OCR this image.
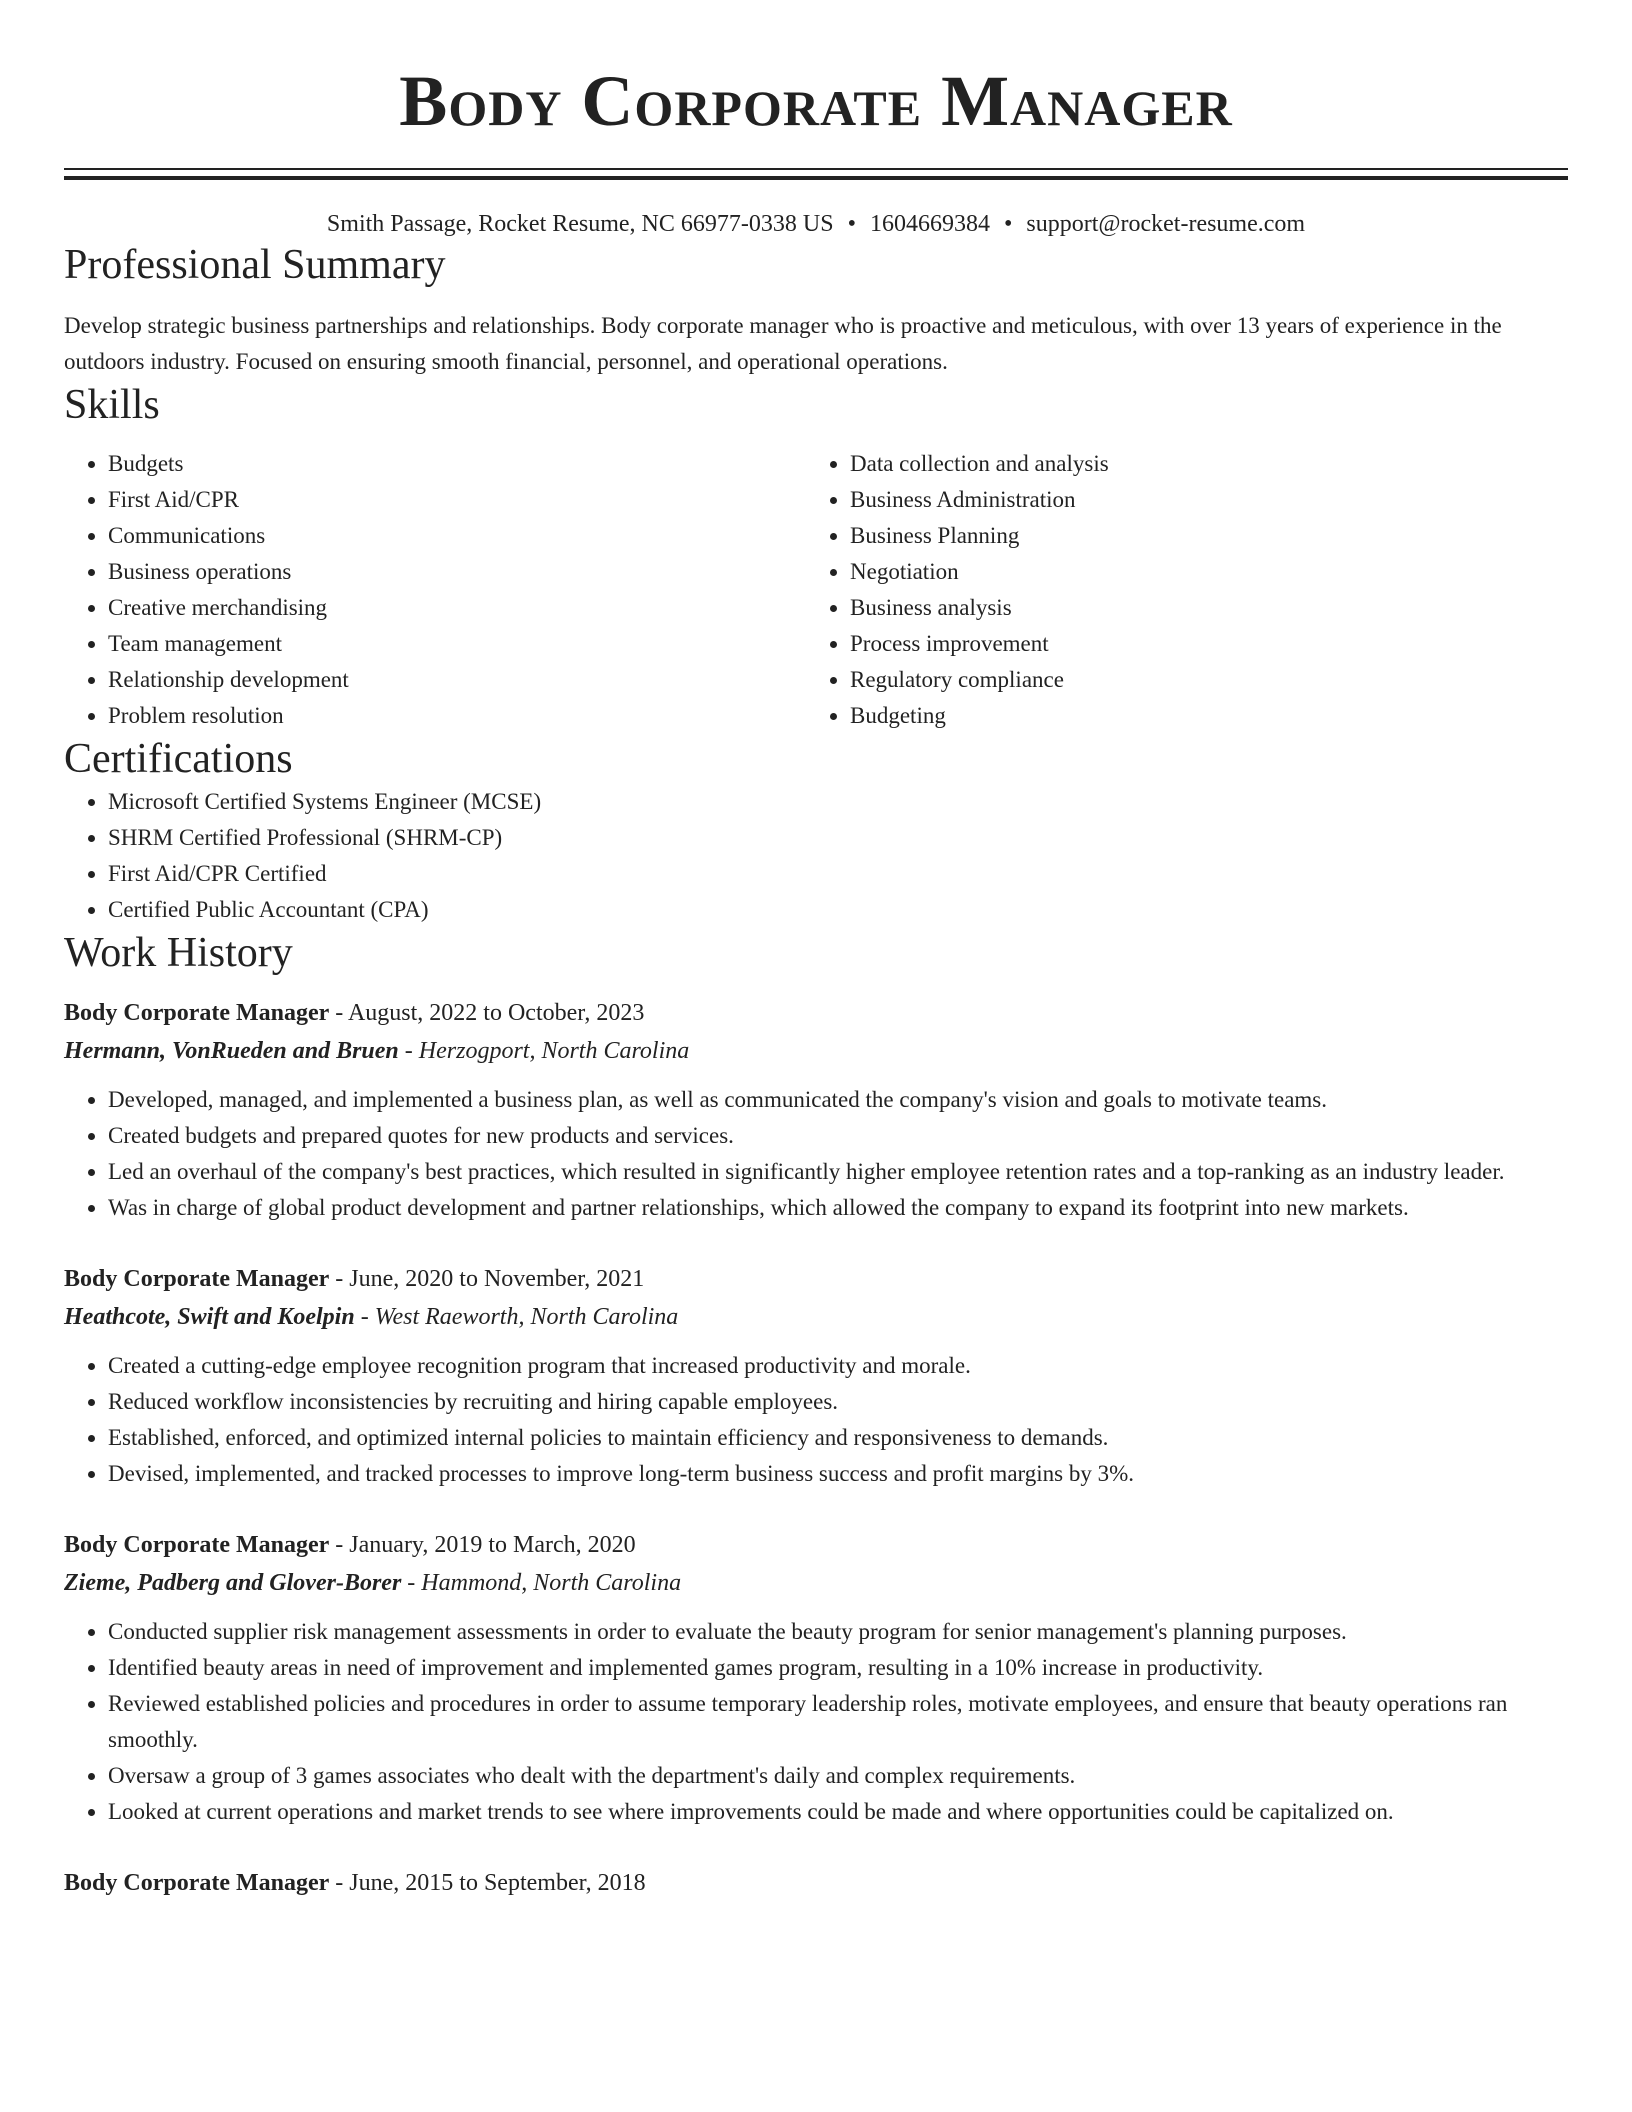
Body Corporate Manager
Smith Passage, Rocket Resume, NC 66977-0338 US • 1604669384 • support@rocket-resume.com
Professional Summary

Develop strategic business partnerships and relationships. Body corporate manager who is proactive and meticulous, with over 13 years of experience in the outdoors industry. Focused on ensuring smooth financial, personnel, and operational operations.

Skills
• Budgets
• First Aid/CPR
• Communications
• Business operations
• Creative merchandising
• Team management
• Relationship development
• Problem resolution
• Data collection and analysis
• Business Administration
• Business Planning
• Negotiation
• Business analysis
• Process improvement
• Regulatory compliance
• Budgeting
Certifications
• Microsoft Certified Systems Engineer (MCSE)
• SHRM Certified Professional (SHRM-CP)
• First Aid/CPR Certified
• Certified Public Accountant (CPA)
Work History
Body Corporate Manager - August, 2022 to October, 2023
Hermann, VonRueden and Bruen - Herzogport, North Carolina
• Developed, managed, and implemented a business plan, as well as communicated the company's vision and goals to motivate teams.
• Created budgets and prepared quotes for new products and services.
• Led an overhaul of the company's best practices, which resulted in significantly higher employee retention rates and a top-ranking as an industry leader.
• Was in charge of global product development and partner relationships, which allowed the company to expand its footprint into new markets.
Body Corporate Manager - June, 2020 to November, 2021
Heathcote, Swift and Koelpin - West Raeworth, North Carolina
• Created a cutting-edge employee recognition program that increased productivity and morale.
• Reduced workflow inconsistencies by recruiting and hiring capable employees.
• Established, enforced, and optimized internal policies to maintain efficiency and responsiveness to demands.
• Devised, implemented, and tracked processes to improve long-term business success and profit margins by 3%.
Body Corporate Manager - January, 2019 to March, 2020
Zieme, Padberg and Glover-Borer - Hammond, North Carolina
• Conducted supplier risk management assessments in order to evaluate the beauty program for senior management's planning purposes.
• Identified beauty areas in need of improvement and implemented games program, resulting in a 10% increase in productivity.
• Reviewed established policies and procedures in order to assume temporary leadership roles, motivate employees, and ensure that beauty operations ran smoothly.
• Oversaw a group of 3 games associates who dealt with the department's daily and complex requirements.
• Looked at current operations and market trends to see where improvements could be made and where opportunities could be capitalized on.
Body Corporate Manager - June, 2015 to September, 2018
